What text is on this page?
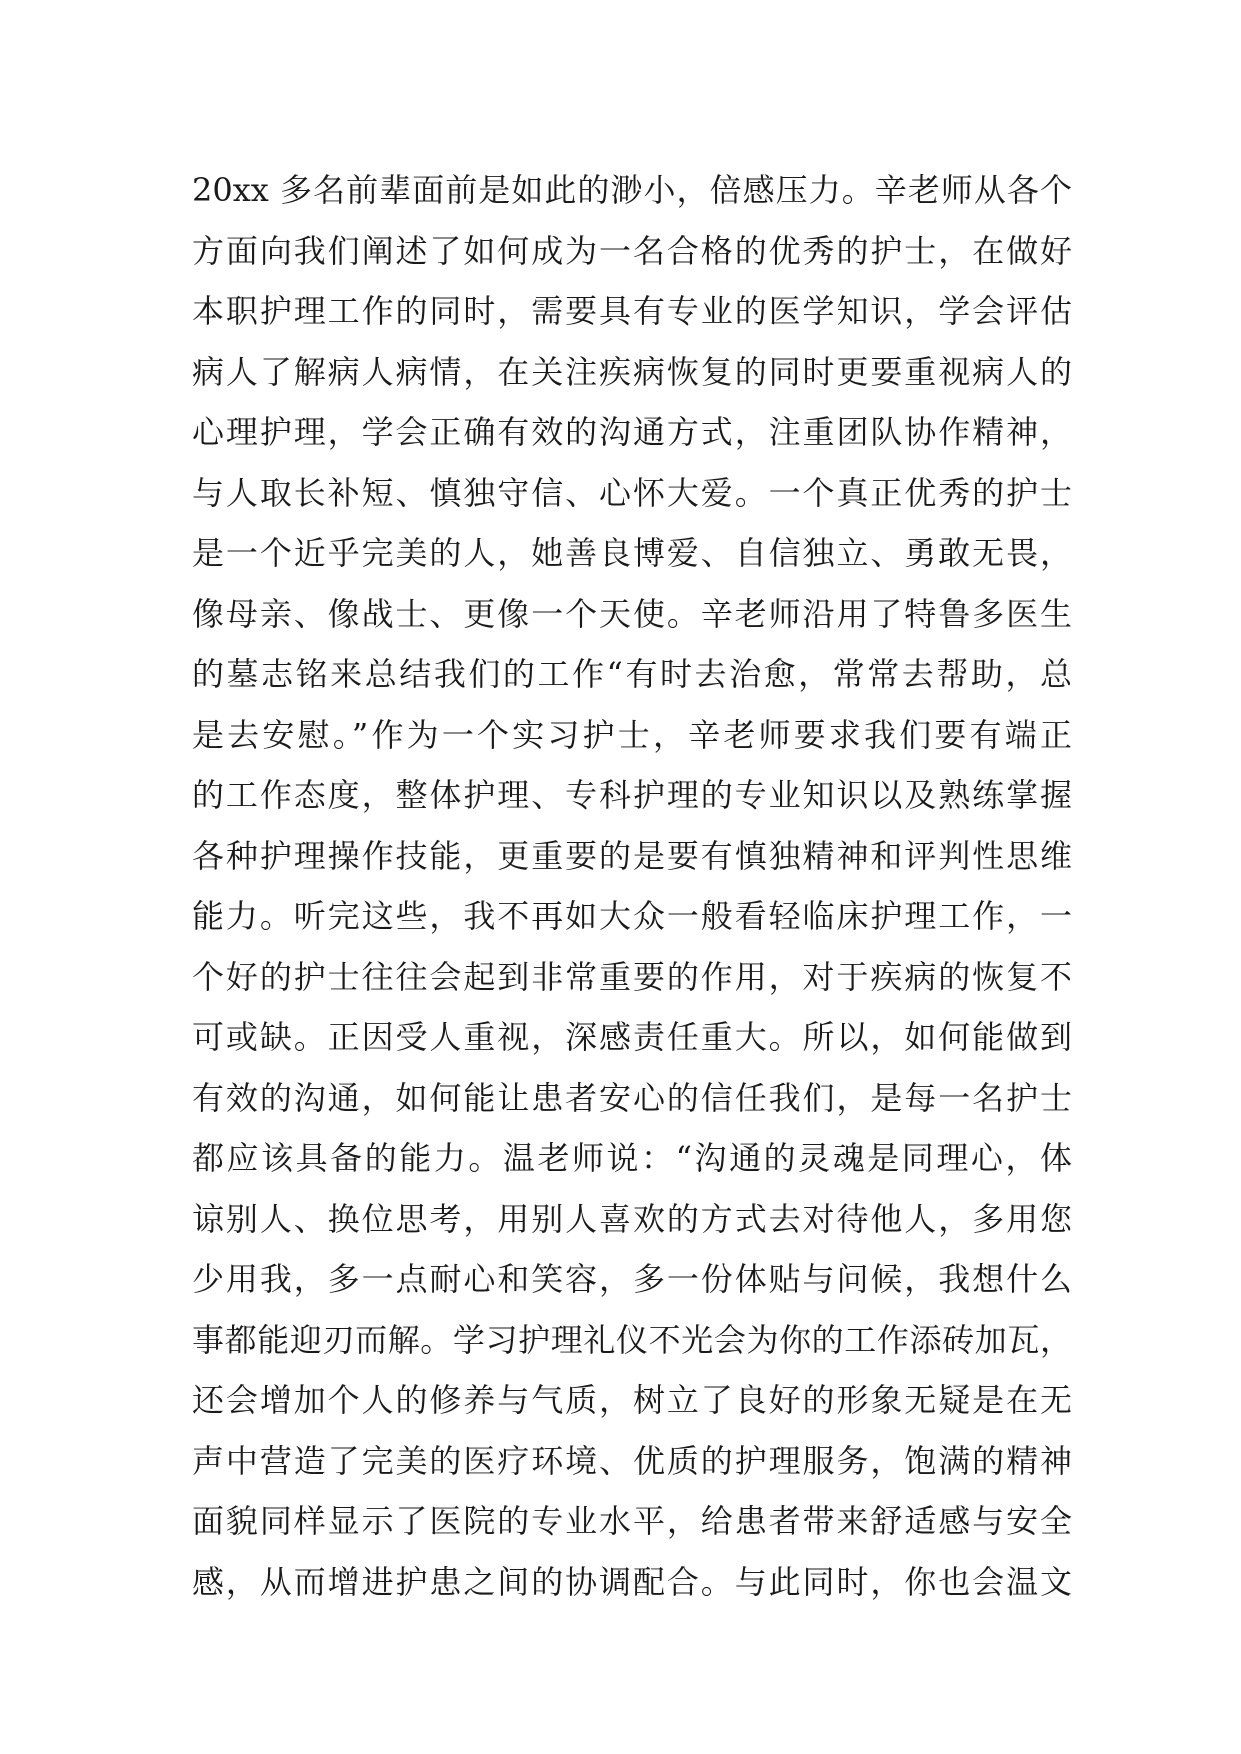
20xx 多名前辈面前是如此的渺小，倍感压力。辛老师从各个
方面向我们阐述了如何成为一名合格的优秀的护士，在做好
本职护理工作的同时，需要具有专业的医学知识，学会评估
病人了解病人病情，在关注疾病恢复的同时更要重视病人的
心理护理，学会正确有效的沟通方式，注重团队协作精神，
与人取长补短、慎独守信、心怀大爱。一个真正优秀的护士
是一个近乎完美的人，她善良博爱、自信独立、勇敢无畏，
像母亲、像战士、更像一个天使。辛老师沿用了特鲁多医生
的墓志铭来总结我们的工作“有时去治愈，常常去帮助，总
是去安慰。”作为一个实习护士，辛老师要求我们要有端正
的工作态度，整体护理、专科护理的专业知识以及熟练掌握
各种护理操作技能，更重要的是要有慎独精神和评判性思维
能力。听完这些，我不再如大众一般看轻临床护理工作，一
个好的护士往往会起到非常重要的作用，对于疾病的恢复不
可或缺。正因受人重视，深感责任重大。所以，如何能做到
有效的沟通，如何能让患者安心的信任我们，是每一名护士
都应该具备的能力。温老师说：“沟通的灵魂是同理心，体
谅别人、换位思考，用别人喜欢的方式去对待他人，多用您
少用我，多一点耐心和笑容，多一份体贴与问候，我想什么
事都能迎刃而解。学习护理礼仪不光会为你的工作添砖加瓦，
还会增加个人的修养与气质，树立了良好的形象无疑是在无
声中营造了完美的医疗环境、优质的护理服务，饱满的精神
面貌同样显示了医院的专业水平，给患者带来舒适感与安全
感，从而增进护患之间的协调配合。与此同时，你也会温文
